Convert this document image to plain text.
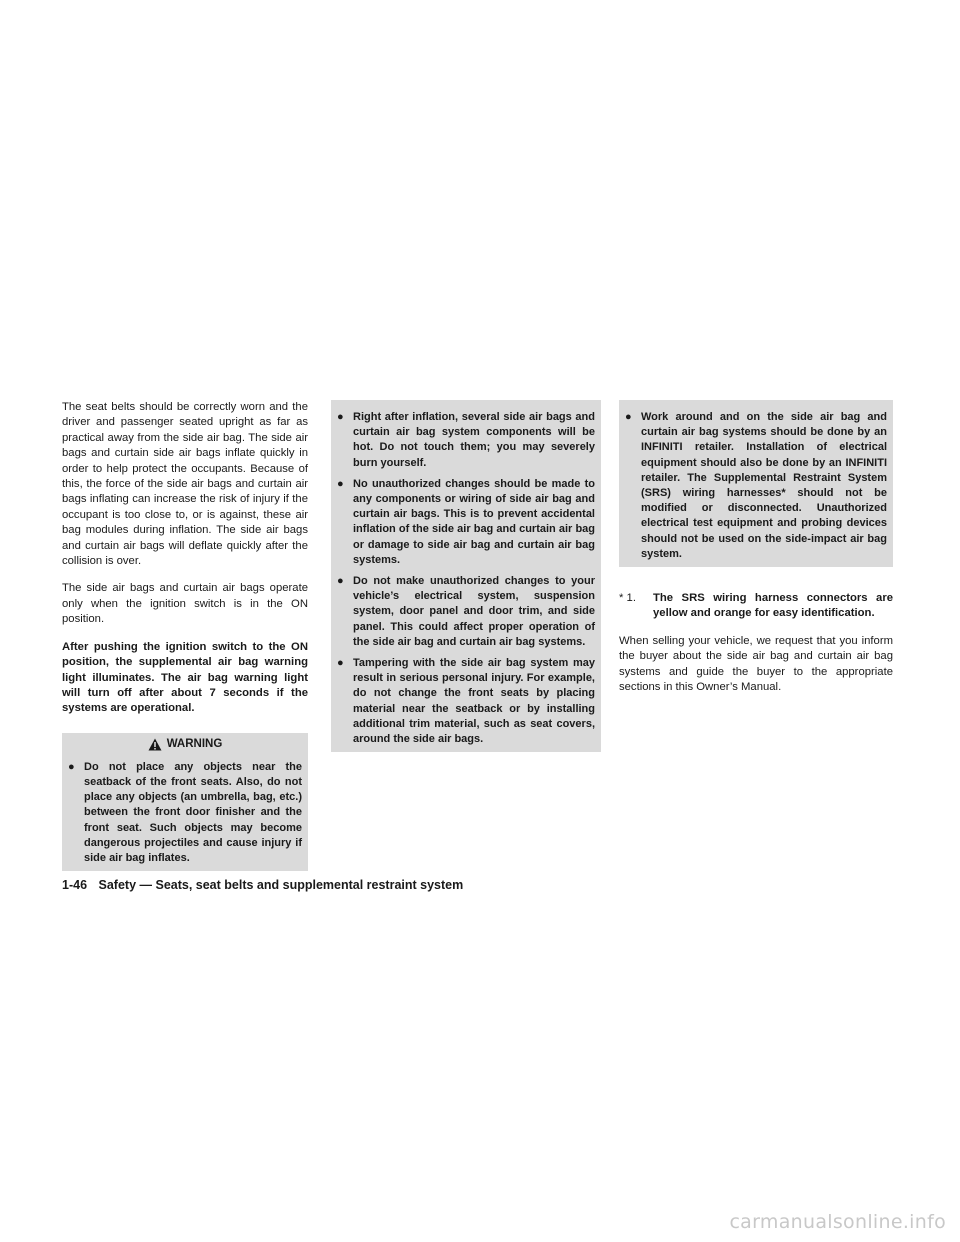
The seat belts should be correctly worn and the driver and passenger seated upright as far as practical away from the side air bag. The side air bags and curtain side air bags inflate quickly in order to help protect the occupants. Because of this, the force of the side air bags and curtain air bags inflating can increase the risk of injury if the occupant is too close to, or is against, these air bag modules during inflation. The side air bags and curtain air bags will deflate quickly after the collision is over.

The side air bags and curtain air bags operate only when the ignition switch is in the ON position.

After pushing the ignition switch to the ON position, the supplemental air bag warning light illuminates. The air bag warning light will turn off after about 7 seconds if the systems are operational.

WARNING
● Do not place any objects near the seatback of the front seats. Also, do not place any objects (an umbrella, bag, etc.) between the front door finisher and the front seat. Such objects may become dangerous projectiles and cause injury if side air bag inflates.
● Right after inflation, several side air bags and curtain air bag system components will be hot. Do not touch them; you may severely burn yourself.
● No unauthorized changes should be made to any components or wiring of side air bag and curtain air bags. This is to prevent accidental inflation of the side air bag and curtain air bag or damage to side air bag and curtain air bag systems.
● Do not make unauthorized changes to your vehicle’s electrical system, suspension system, door panel and door trim, and side panel. This could affect proper operation of the side air bag and curtain air bag systems.
● Tampering with the side air bag system may result in serious personal injury. For example, do not change the front seats by placing material near the seatback or by installing additional trim material, such as seat covers, around the side air bags.
● Work around and on the side air bag and curtain air bag systems should be done by an INFINITI retailer. Installation of electrical equipment should also be done by an INFINITI retailer. The Supplemental Restraint System (SRS) wiring harnesses* should not be modified or disconnected. Unauthorized electrical test equipment and probing devices should not be used on the side-impact air bag system.
* 1.	The SRS wiring harness connectors are yellow and orange for easy identification.

When selling your vehicle, we request that you inform the buyer about the side air bag and curtain air bag systems and guide the buyer to the appropriate sections in this Owner’s Manual.

1-46 Safety — Seats, seat belts and supplemental restraint system
carmanualsonline.info
